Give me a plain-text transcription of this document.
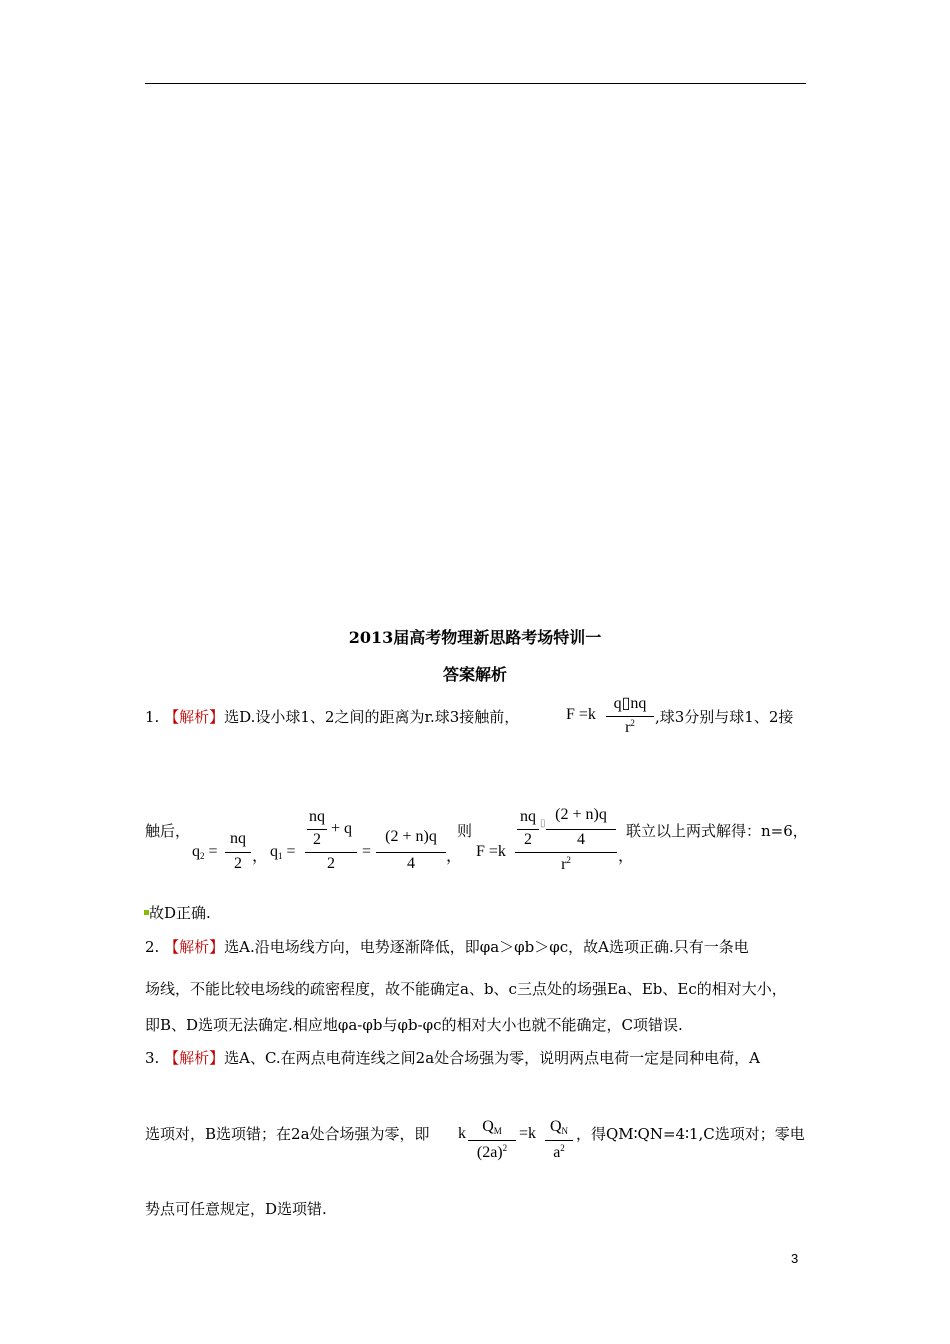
2013届高考物理新思路考场特训一
答案解析
1. 【解析】选D.设小球1、2之间的距离为r.球3接触前，	F =k
q▯nq
$r^2$	,球3分别与球1、2接
触后，
$q_2$ =
nq
2 ， $q_1$ =
nq
2
+ q
2
=
(2 + n)q
4	，
则
F =k
nq
2
▯
(2 + n)q
4
$r^2$	，
联立以上两式解得：n=6，
故D正确.
2. 【解析】选A.沿电场线方向，电势逐渐降低，即φa＞φb＞φc，故A选项正确.只有一条电
场线，不能比较电场线的疏密程度，故不能确定a、b、c三点处的场强Ea、Eb、Ec的相对大小，
即B、D选项无法确定.相应地φa-φb与φb-φc的相对大小也就不能确定，C项错误.
3. 【解析】选A、C.在两点电荷连线之间2a处合场强为零，说明两点电荷一定是同种电荷，A
选项对，B选项错；在2a处合场强为零，即 k	$Q_M$
$(2a)^2$
=k $Q_N$
$a^2$
，得QM∶QN=4∶1,C选项对；零电
势点可任意规定，D选项错.
3
